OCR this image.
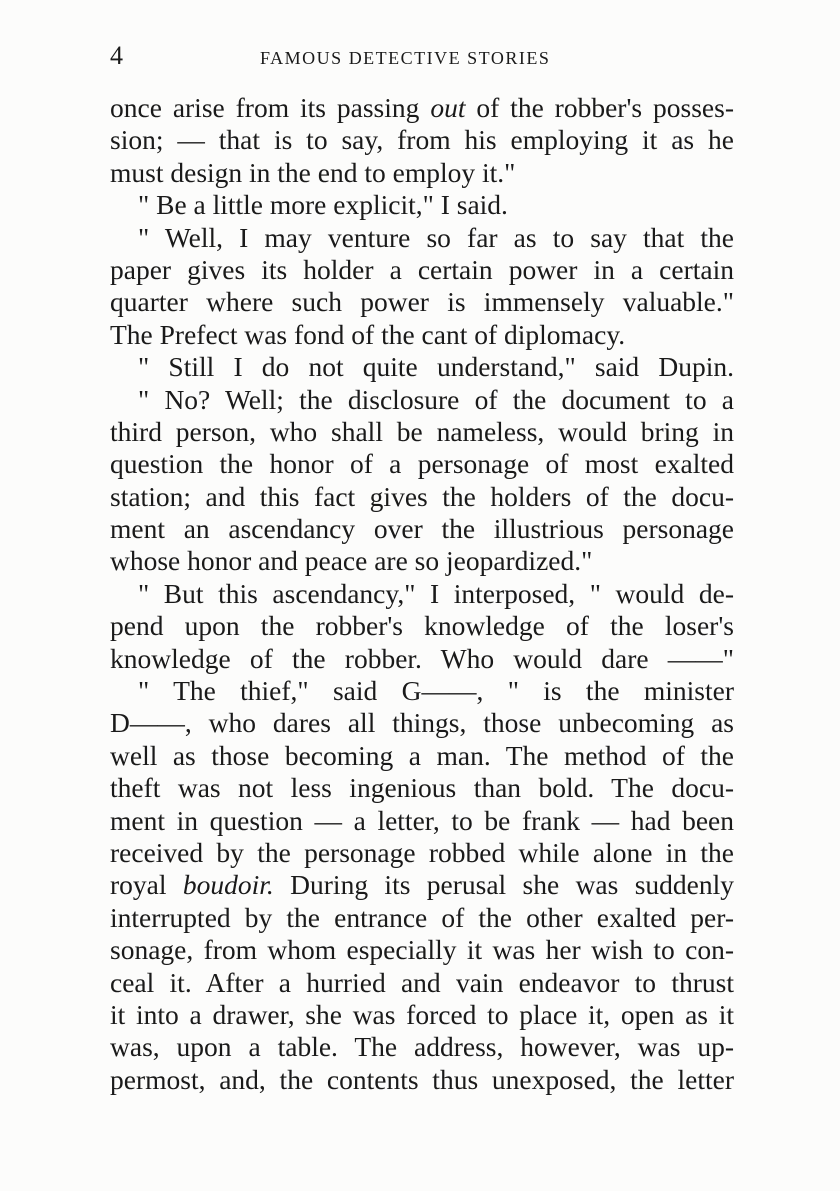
4	FAMOUS DETECTIVE STORIES
once arise from its passing out of the robber's posses-
sion; — that is to say, from his employing it as he
must design in the end to employ it."
" Be a little more explicit," I said.
" Well, I may venture so far as to say that the
paper gives its holder a certain power in a certain
quarter where such power is immensely valuable."
The Prefect was fond of the cant of diplomacy.
" Still I do not quite understand," said Dupin.
" No? Well; the disclosure of the document to a
third person, who shall be nameless, would bring in
question the honor of a personage of most exalted
station; and this fact gives the holders of the docu-
ment an ascendancy over the illustrious personage
whose honor and peace are so jeopardized."
" But this ascendancy," I interposed, " would de-
pend upon the robber's knowledge of the loser's
knowledge of the robber. Who would dare ——"
" The thief," said G——, " is the minister
D——, who dares all things, those unbecoming as
well as those becoming a man. The method of the
theft was not less ingenious than bold. The docu-
ment in question — a letter, to be frank — had been
received by the personage robbed while alone in the
royal boudoir. During its perusal she was suddenly
interrupted by the entrance of the other exalted per-
sonage, from whom especially it was her wish to con-
ceal it. After a hurried and vain endeavor to thrust
it into a drawer, she was forced to place it, open as it
was, upon a table. The address, however, was up-
permost, and, the contents thus unexposed, the letter
